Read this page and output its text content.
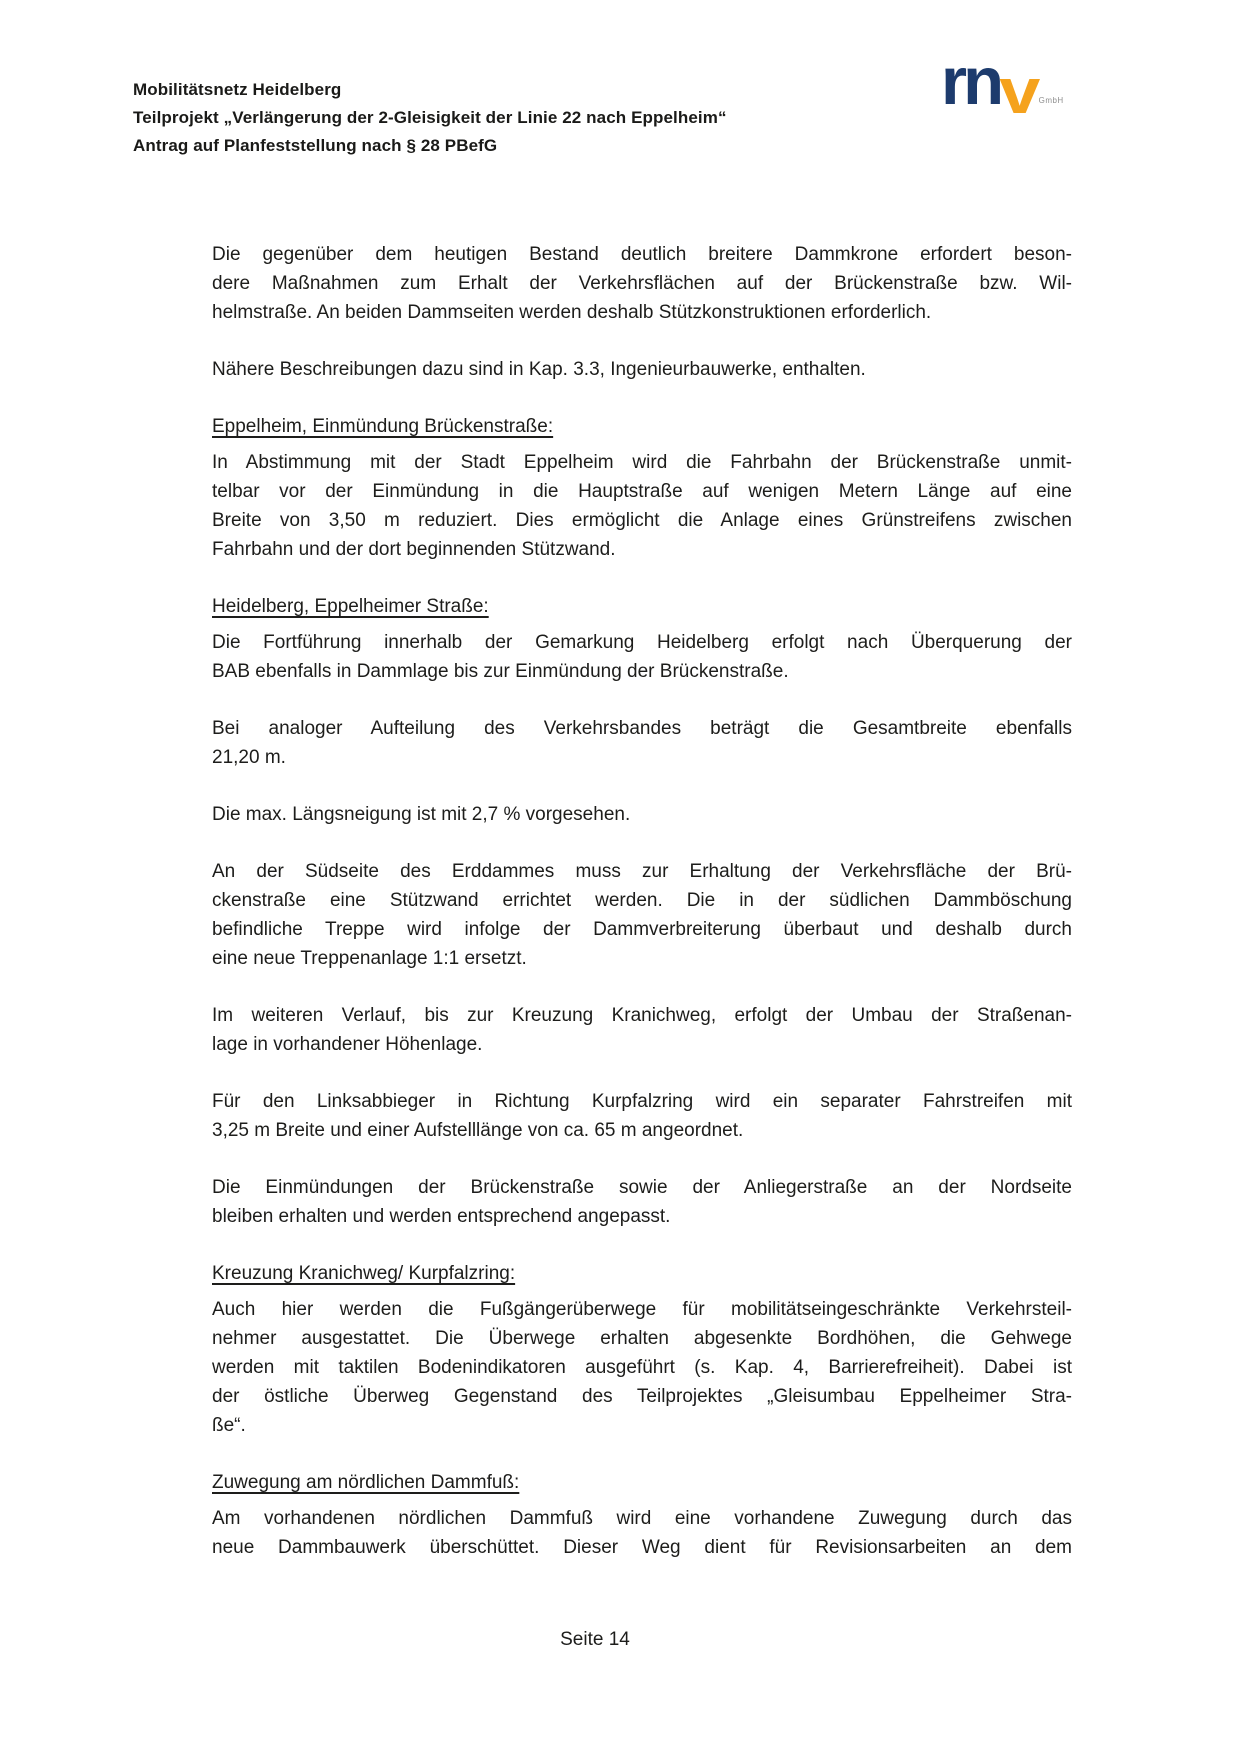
Mobilitätsnetz Heidelberg
Teilprojekt „Verlängerung der 2-Gleisigkeit der Linie 22 nach Eppelheim“
Antrag auf Planfeststellung nach § 28 PBefG
rnvGmbH
Die gegenüber dem heutigen Bestand deutlich breitere Dammkrone erfordert beson-
dere Maßnahmen zum Erhalt der Verkehrsflächen auf der Brückenstraße bzw. Wil-
helmstraße. An beiden Dammseiten werden deshalb Stützkonstruktionen erforderlich.
Nähere Beschreibungen dazu sind in Kap. 3.3, Ingenieurbauwerke, enthalten.
Eppelheim, Einmündung Brückenstraße:
In Abstimmung mit der Stadt Eppelheim wird die Fahrbahn der Brückenstraße unmit-
telbar vor der Einmündung in die Hauptstraße auf wenigen Metern Länge auf eine
Breite von 3,50 m reduziert. Dies ermöglicht die Anlage eines Grünstreifens zwischen
Fahrbahn und der dort beginnenden Stützwand.
Heidelberg, Eppelheimer Straße:
Die Fortführung innerhalb der Gemarkung Heidelberg erfolgt nach Überquerung der
BAB ebenfalls in Dammlage bis zur Einmündung der Brückenstraße.
Bei analoger Aufteilung des Verkehrsbandes beträgt die Gesamtbreite ebenfalls
21,20 m.
Die max. Längsneigung ist mit 2,7 % vorgesehen.
An der Südseite des Erddammes muss zur Erhaltung der Verkehrsfläche der Brü-
ckenstraße eine Stützwand errichtet werden. Die in der südlichen Dammböschung
befindliche Treppe wird infolge der Dammverbreiterung überbaut und deshalb durch
eine neue Treppenanlage 1:1 ersetzt.
Im weiteren Verlauf, bis zur Kreuzung Kranichweg, erfolgt der Umbau der Straßenan-
lage in vorhandener Höhenlage.
Für den Linksabbieger in Richtung Kurpfalzring wird ein separater Fahrstreifen mit
3,25 m Breite und einer Aufstelllänge von ca. 65 m angeordnet.
Die Einmündungen der Brückenstraße sowie der Anliegerstraße an der Nordseite
bleiben erhalten und werden entsprechend angepasst.
Kreuzung Kranichweg/ Kurpfalzring:
Auch hier werden die Fußgängerüberwege für mobilitätseingeschränkte Verkehrsteil-
nehmer ausgestattet. Die Überwege erhalten abgesenkte Bordhöhen, die Gehwege
werden mit taktilen Bodenindikatoren ausgeführt (s. Kap. 4, Barrierefreiheit). Dabei ist
der östliche Überweg Gegenstand des Teilprojektes „Gleisumbau Eppelheimer Stra-
ße“.
Zuwegung am nördlichen Dammfuß:
Am vorhandenen nördlichen Dammfuß wird eine vorhandene Zuwegung durch das
neue Dammbauwerk überschüttet. Dieser Weg dient für Revisionsarbeiten an dem
Seite 14
